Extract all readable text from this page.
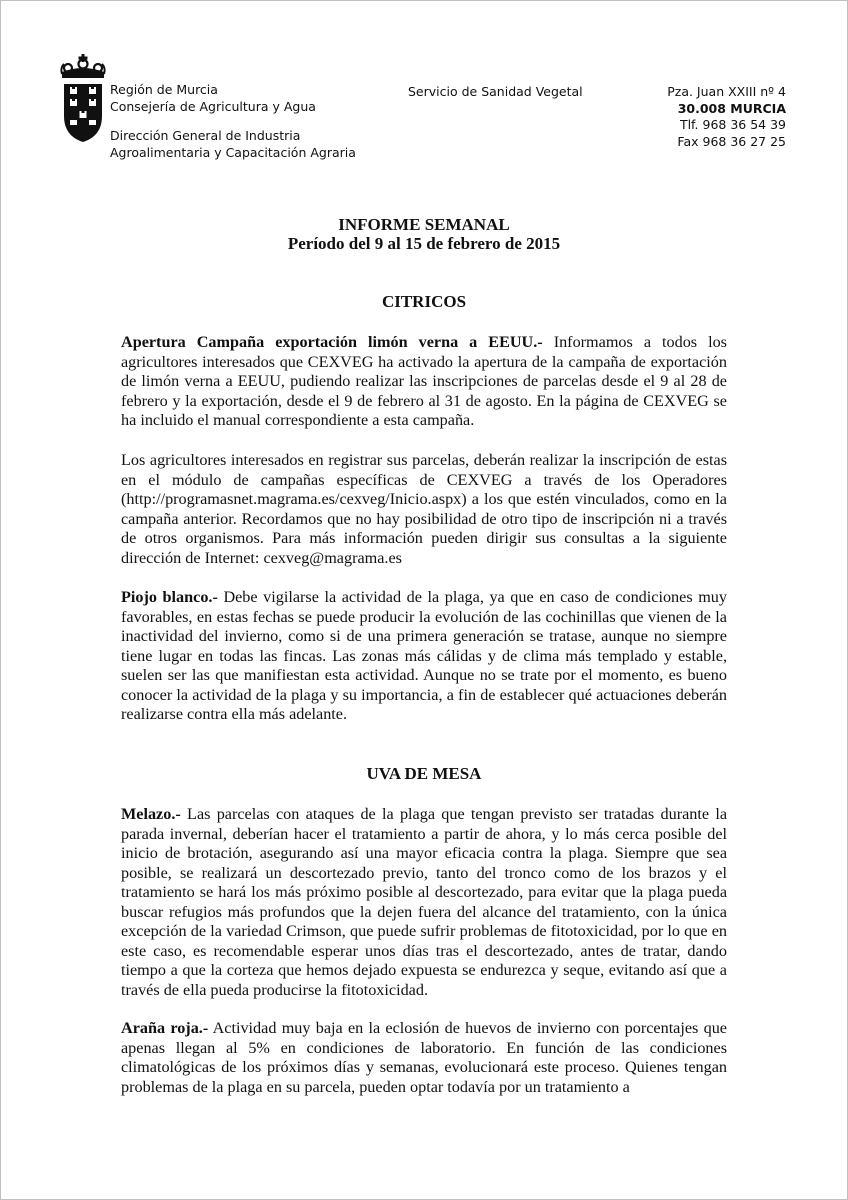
Región de Murcia
Consejería de Agricultura y Agua
Dirección General de Industria
Agroalimentaria y Capacitación Agraria
Servicio de Sanidad Vegetal	Pza. Juan XXIII nº 4
30.008 MURCIA
Tlf. 968 36 54 39
Fax 968 36 27 25
INFORME SEMANAL
Período del 9 al 15 de febrero de 2015
CITRICOS
Apertura Campaña exportación limón verna a EEUU.- Informamos a todos los agricultores interesados que CEXVEG ha activado la apertura de la campaña de exportación de limón verna a EEUU, pudiendo realizar las inscripciones de parcelas desde el 9 al 28 de febrero y la exportación, desde el 9 de febrero al 31 de agosto. En la página de CEXVEG se ha incluido el manual correspondiente a esta campaña.
Los agricultores interesados en registrar sus parcelas, deberán realizar la inscripción de estas en el módulo de campañas específicas de CEXVEG a través de los Operadores (http://programasnet.magrama.es/cexveg/Inicio.aspx) a los que estén vinculados, como en la campaña anterior. Recordamos que no hay posibilidad de otro tipo de inscripción ni a través de otros organismos. Para más información pueden dirigir sus consultas a la siguiente dirección de Internet: cexveg@magrama.es
Piojo blanco.- Debe vigilarse la actividad de la plaga, ya que en caso de condiciones muy favorables, en estas fechas se puede producir la evolución de las cochinillas que vienen de la inactividad del invierno, como si de una primera generación se tratase, aunque no siempre tiene lugar en todas las fincas. Las zonas más cálidas y de clima más templado y estable, suelen ser las que manifiestan esta actividad. Aunque no se trate por el momento, es bueno conocer la actividad de la plaga y su importancia, a fin de establecer qué actuaciones deberán realizarse contra ella más adelante.
UVA DE MESA
Melazo.- Las parcelas con ataques de la plaga que tengan previsto ser tratadas durante la parada invernal, deberían hacer el tratamiento a partir de ahora, y lo más cerca posible del inicio de brotación, asegurando así una mayor eficacia contra la plaga. Siempre que sea posible, se realizará un descortezado previo, tanto del tronco como de los brazos y el tratamiento se hará los más próximo posible al descortezado, para evitar que la plaga pueda buscar refugios más profundos que la dejen fuera del alcance del tratamiento, con la única excepción de la variedad Crimson, que puede sufrir problemas de fitotoxicidad, por lo que en este caso, es recomendable esperar unos días tras el descortezado, antes de tratar, dando tiempo a que la corteza que hemos dejado expuesta se endurezca y seque, evitando así que a través de ella pueda producirse la fitotoxicidad.
Araña roja.- Actividad muy baja en la eclosión de huevos de invierno con porcentajes que apenas llegan al 5% en condiciones de laboratorio. En función de las condiciones climatológicas de los próximos días y semanas, evolucionará este proceso. Quienes tengan problemas de la plaga en su parcela, pueden optar todavía por un tratamiento a
